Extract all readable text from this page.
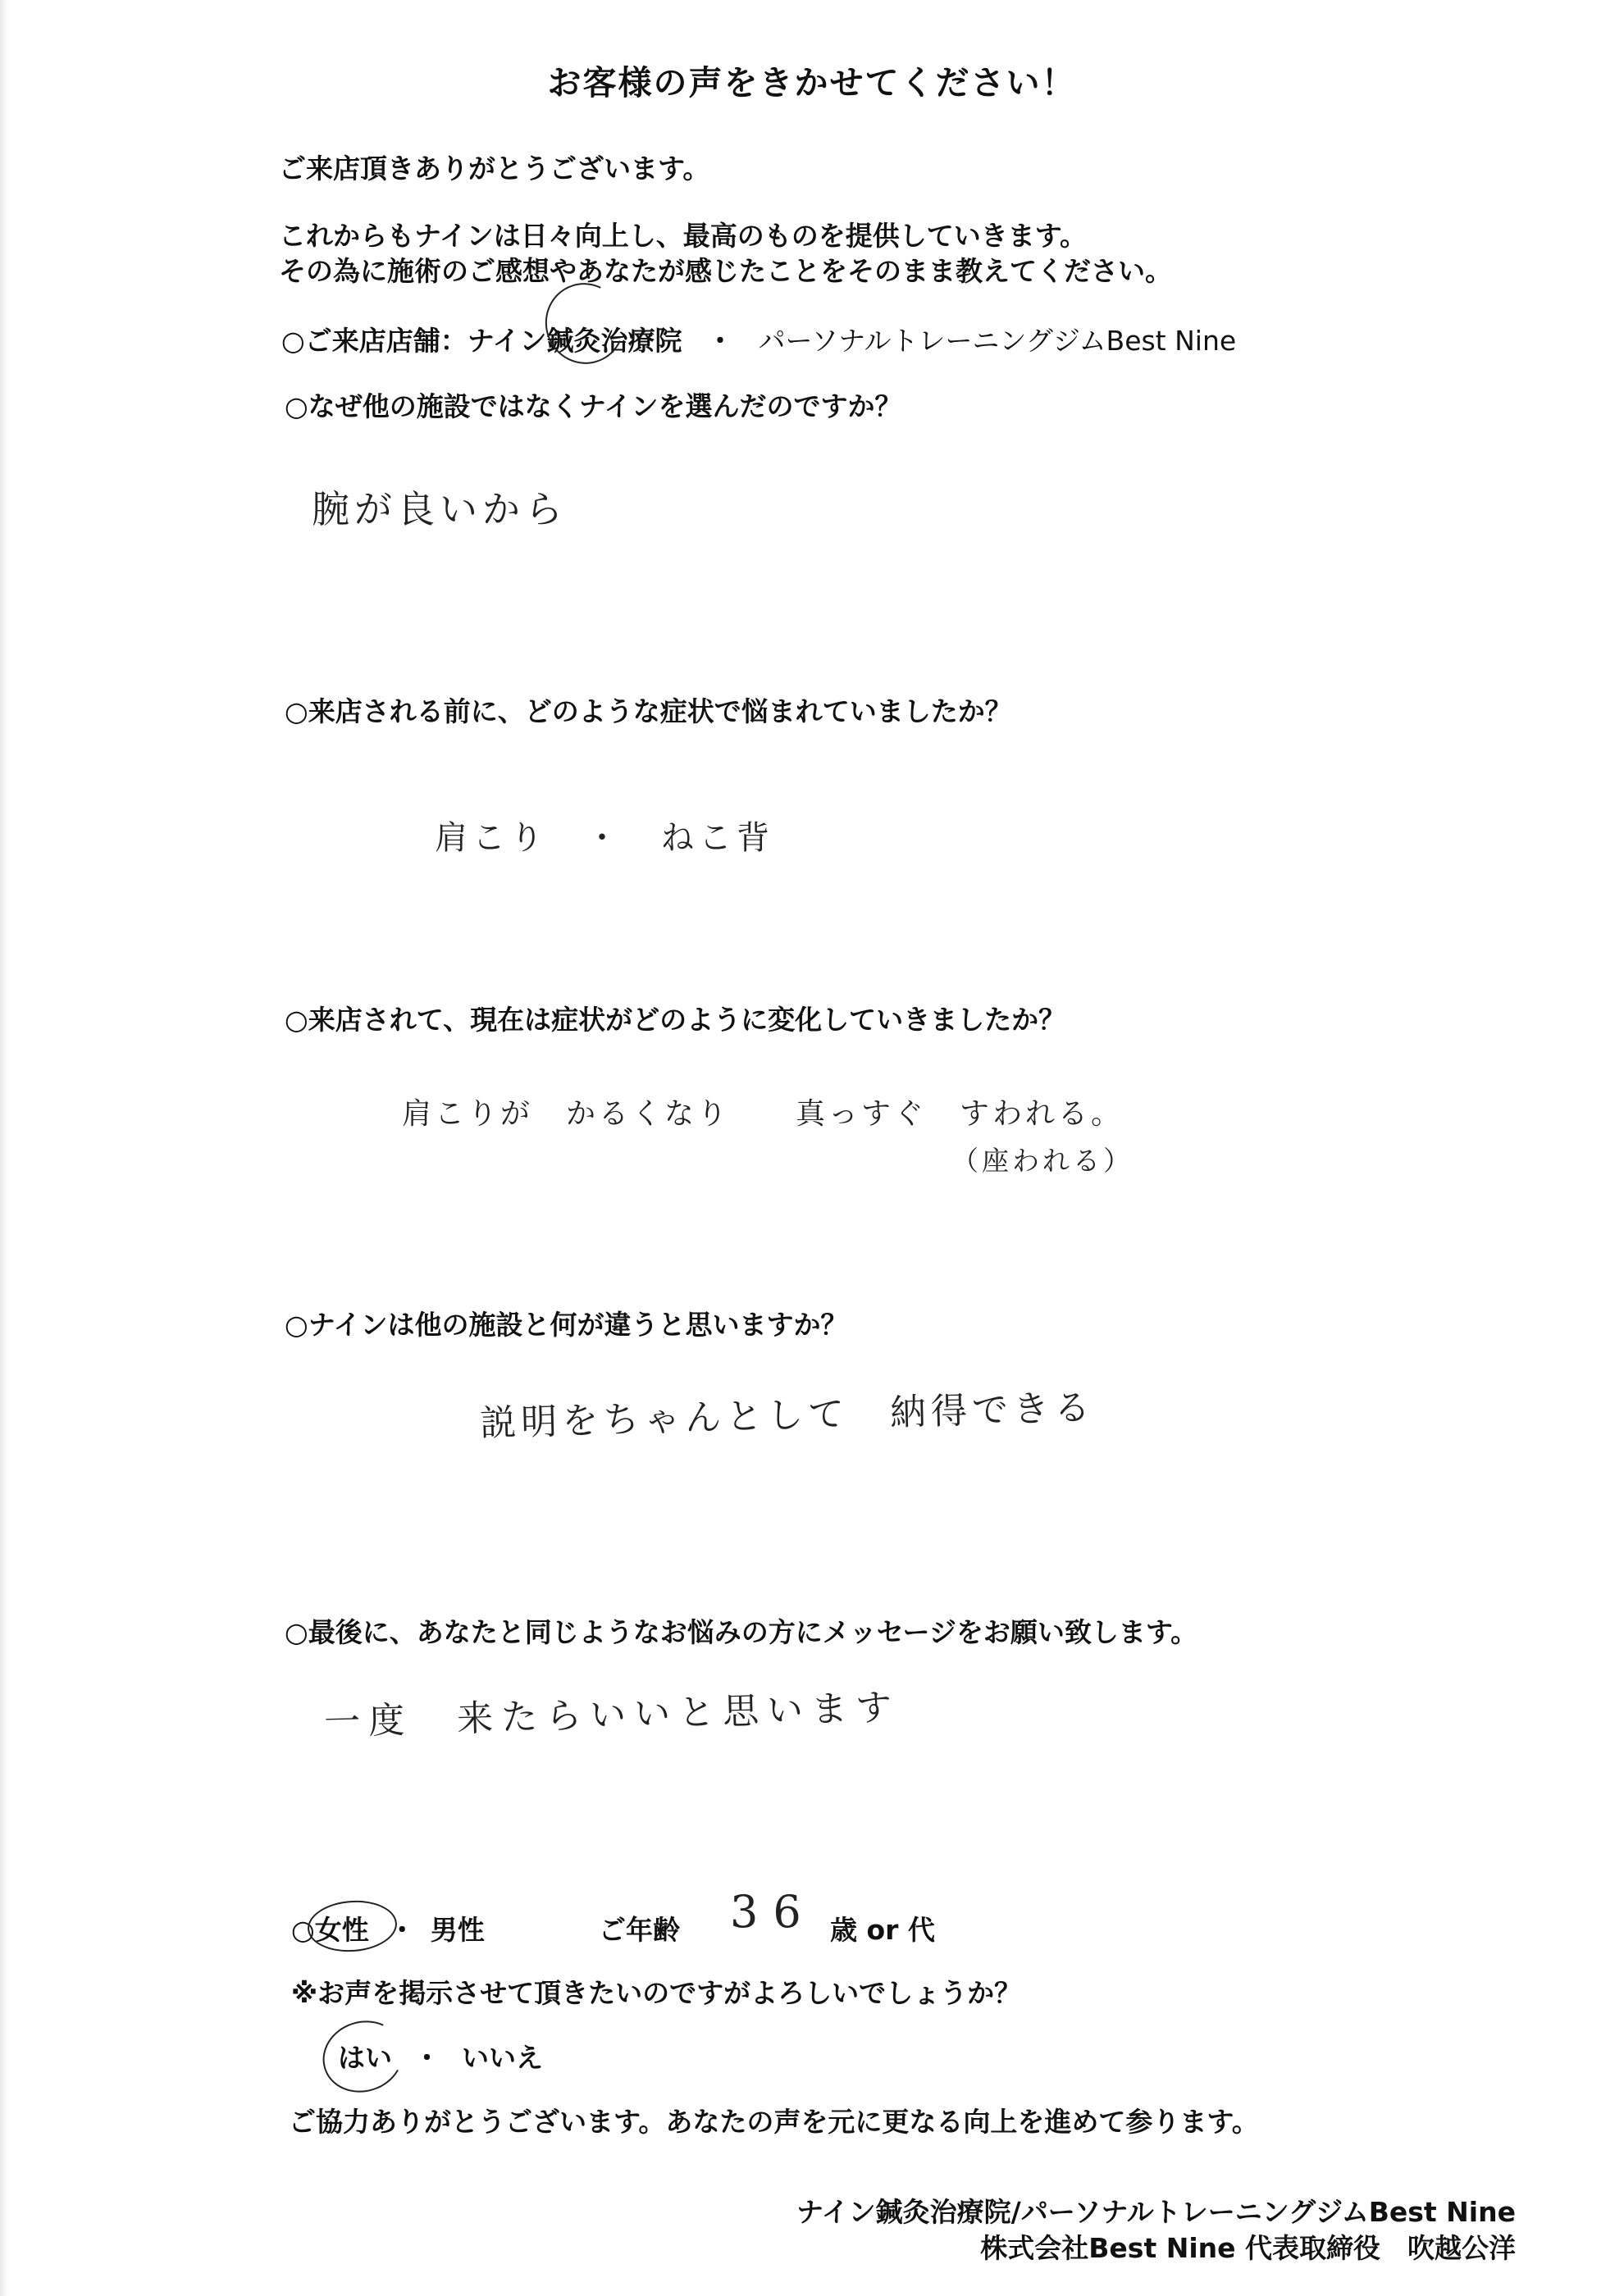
お客様の声をきかせてください！
ご来店頂きありがとうございます。
これからもナインは日々向上し、最高のものを提供していきます。
その為に施術のご感想やあなたが感じたことをそのまま教えてください。
○ご来店店舗：ナイン鍼灸治療院 ・ パーソナルトレーニングジムBest Nine
○なぜ他の施設ではなくナインを選んだのですか？
腕が良いから
○来店される前に、どのような症状で悩まれていましたか？
肩こり　・　ねこ背
○来店されて、現在は症状がどのように変化していきましたか？
肩こりが　かるくなり　　真っすぐ　すわれる。
（座われる）
○ナインは他の施設と何が違うと思いますか？
説明をちゃんとして　納得できる
○最後に、あなたと同じようなお悩みの方にメッセージをお願い致します。
一度　来たらいいと思います
○女性 ・ 男性	ご年齢 36 歳 or 代
※お声を掲示させて頂きたいのですがよろしいでしょうか？
はい ・ いいえ
ご協力ありがとうございます。あなたの声を元に更なる向上を進めて参ります。
ナイン鍼灸治療院/パーソナルトレーニングジムBest Nine
株式会社Best Nine 代表取締役　吹越公洋
